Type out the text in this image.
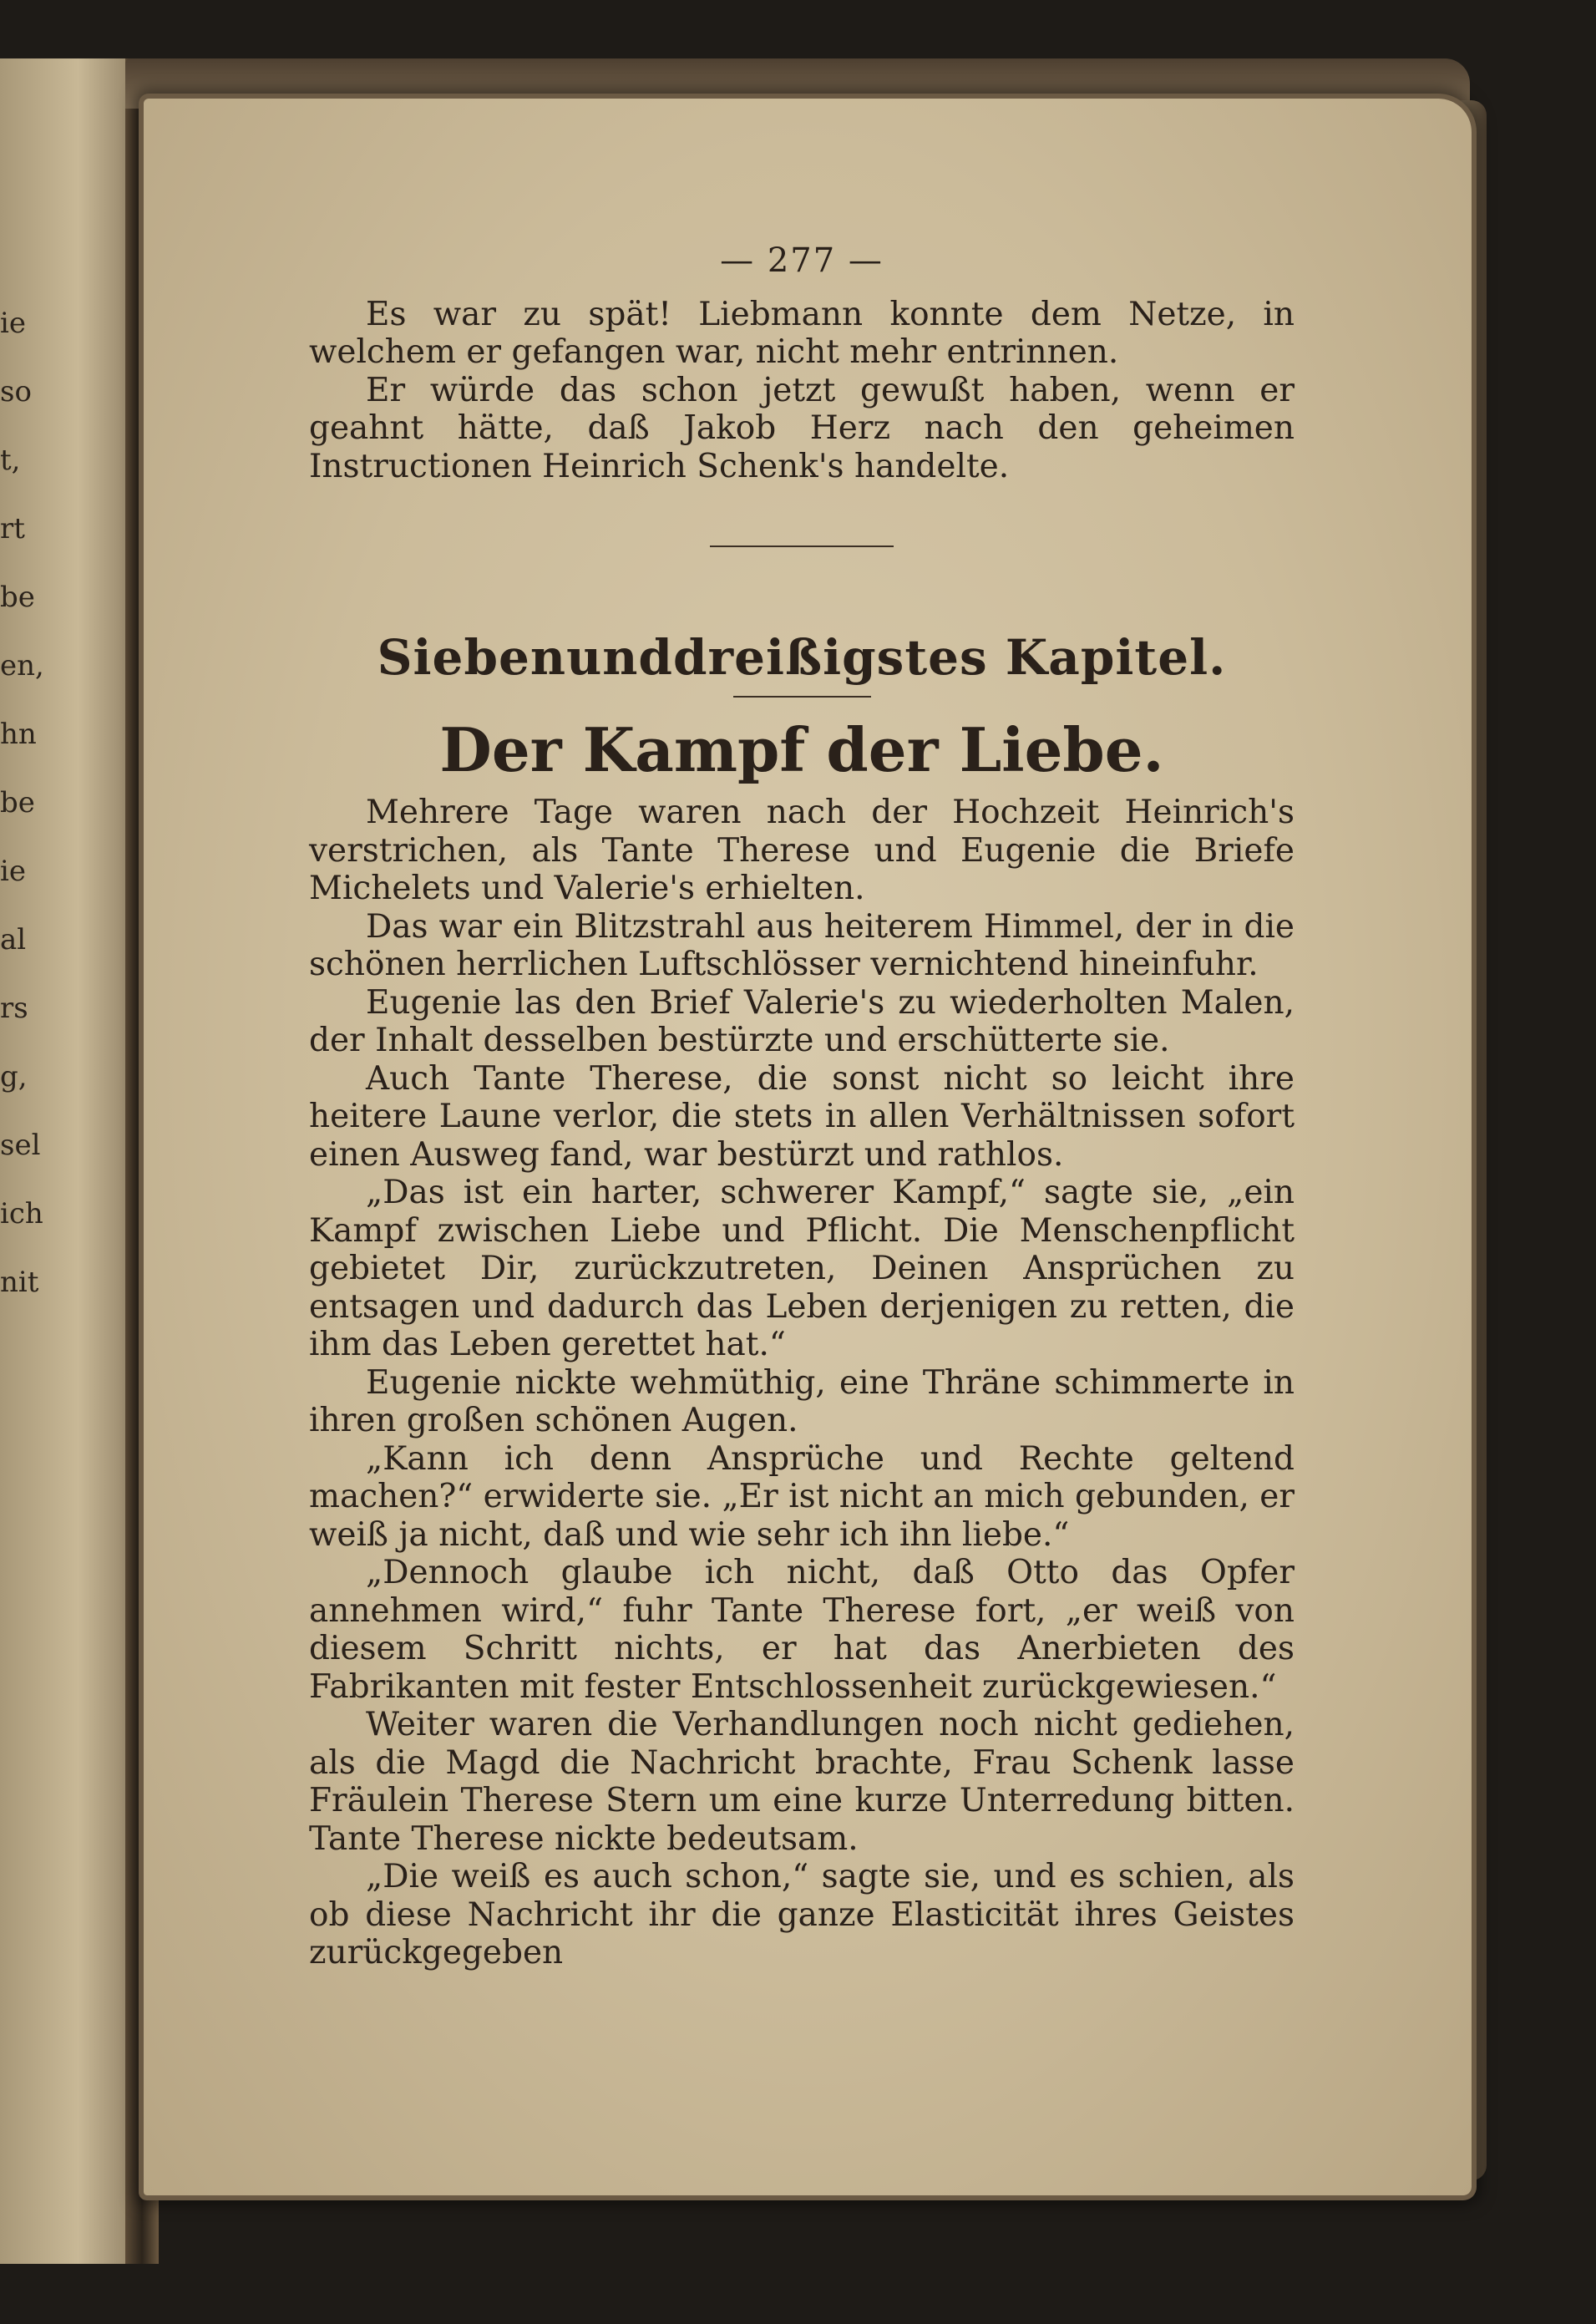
ie
so
t,
rt
be
en,
hn
be
ie
al
rs
g,
sel
ich
nit
— 277 —

Es war zu spät! Liebmann konnte dem Netze, in welchem er gefangen war, nicht mehr entrinnen.

Er würde das schon jetzt gewußt haben, wenn er geahnt hätte, daß Jakob Herz nach den geheimen Instructionen Heinrich Schenk's handelte.

Siebenunddreißigstes Kapitel.
Der Kampf der Liebe.

Mehrere Tage waren nach der Hochzeit Heinrich's verstrichen, als Tante Therese und Eugenie die Briefe Michelets und Valerie's erhielten.

Das war ein Blitzstrahl aus heiterem Himmel, der in die schönen herrlichen Luftschlösser vernichtend hineinfuhr.

Eugenie las den Brief Valerie's zu wiederholten Malen, der Inhalt desselben bestürzte und erschütterte sie.

Auch Tante Therese, die sonst nicht so leicht ihre heitere Laune verlor, die stets in allen Verhältnissen sofort einen Ausweg fand, war bestürzt und rathlos.

„Das ist ein harter, schwerer Kampf,“ sagte sie, „ein Kampf zwischen Liebe und Pflicht. Die Menschenpflicht gebietet Dir, zurückzutreten, Deinen Ansprüchen zu entsagen und dadurch das Leben derjenigen zu retten, die ihm das Leben gerettet hat.“

Eugenie nickte wehmüthig, eine Thräne schimmerte in ihren großen schönen Augen.

„Kann ich denn Ansprüche und Rechte geltend machen?“ erwiderte sie. „Er ist nicht an mich gebunden, er weiß ja nicht, daß und wie sehr ich ihn liebe.“

„Dennoch glaube ich nicht, daß Otto das Opfer annehmen wird,“ fuhr Tante Therese fort, „er weiß von diesem Schritt nichts, er hat das Anerbieten des Fabrikanten mit fester Entschlossenheit zurückgewiesen.“

Weiter waren die Verhandlungen noch nicht gediehen, als die Magd die Nachricht brachte, Frau Schenk lasse Fräulein Therese Stern um eine kurze Unterredung bitten. Tante Therese nickte bedeutsam.

„Die weiß es auch schon,“ sagte sie, und es schien, als ob diese Nachricht ihr die ganze Elasticität ihres Geistes zurückgegeben
